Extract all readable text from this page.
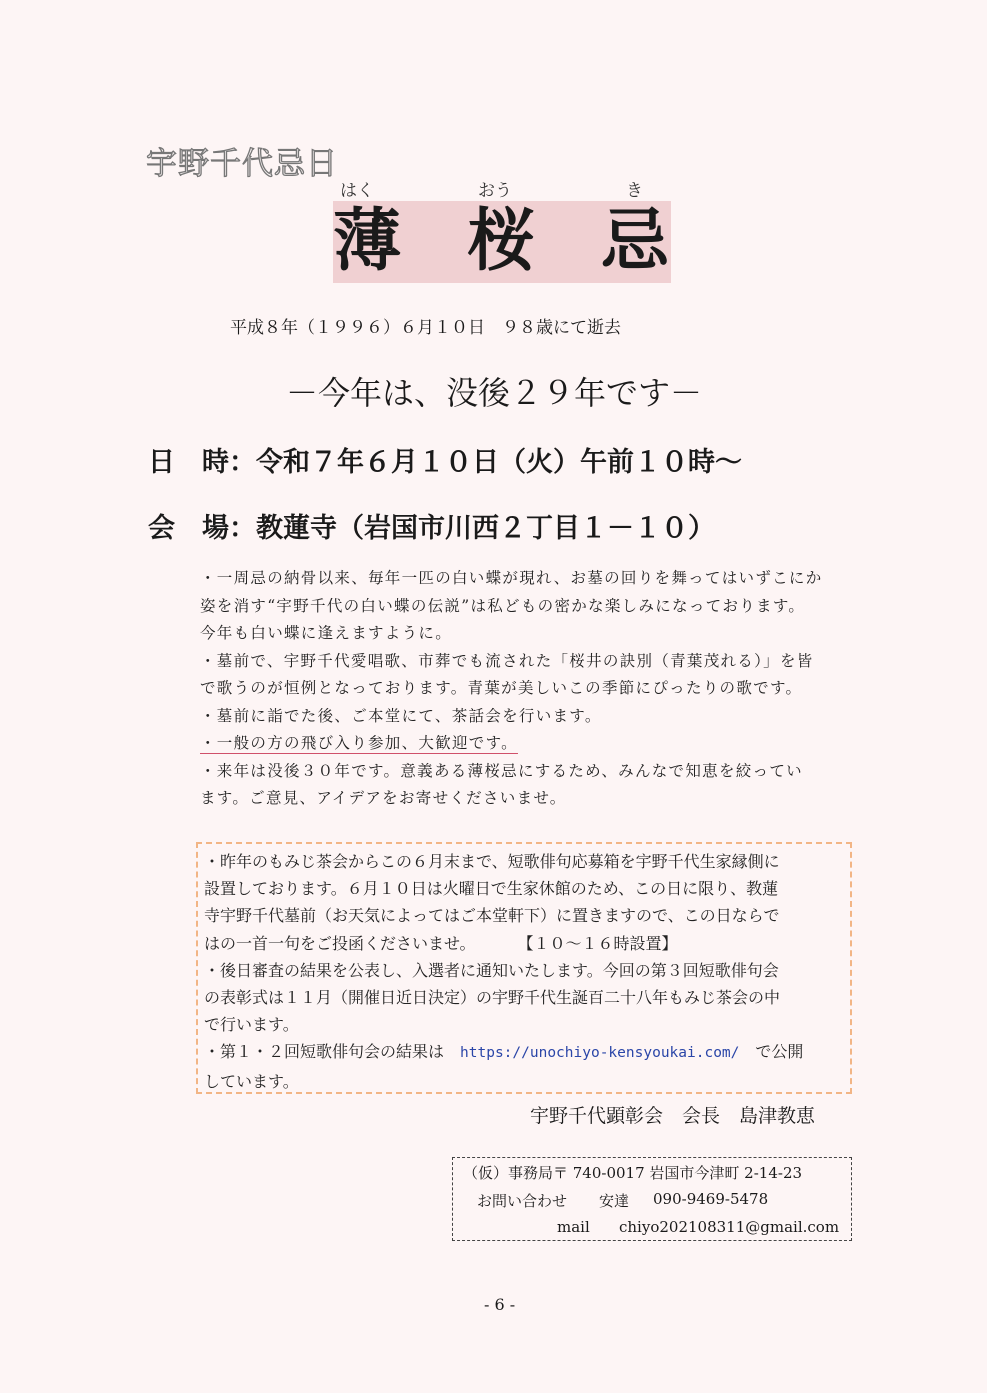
宇野千代忌日
はく	おう	き
薄 桜 忌
平成８年（１９９６）６月１０日　９８歳にて逝去
－今年は、没後２９年です－
日　時：令和７年６月１０日（火）午前１０時～
会　場：教蓮寺（岩国市川西２丁目１－１０）
・一周忌の納骨以来、毎年一匹の白い蝶が現れ、お墓の回りを舞ってはいずこにか
姿を消す“宇野千代の白い蝶の伝説”は私どもの密かな楽しみになっております。
今年も白い蝶に逢えますように。
・墓前で、宇野千代愛唱歌、市葬でも流された「桜井の訣別（青葉茂れる）」を皆
で歌うのが恒例となっております。青葉が美しいこの季節にぴったりの歌です。
・墓前に詣でた後、ご本堂にて、茶話会を行います。
・一般の方の飛び入り参加、大歓迎です。
・来年は没後３０年です。意義ある薄桜忌にするため、みんなで知恵を絞ってい
ます。ご意見、アイデアをお寄せくださいませ。
・昨年のもみじ茶会からこの６月末まで、短歌俳句応募箱を宇野千代生家縁側に
設置しております。６月１０日は火曜日で生家休館のため、この日に限り、教蓮
寺宇野千代墓前（お天気によってはご本堂軒下）に置きますので、この日ならで
はの一首一句をご投函くださいませ。	【１０～１６時設置】
・後日審査の結果を公表し、入選者に通知いたします。今回の第３回短歌俳句会
の表彰式は１１月（開催日近日決定）の宇野千代生誕百二十八年もみじ茶会の中
で行います。
・第１・２回短歌俳句会の結果は　 https://unochiyo-kensyoukai.com/　 で公開
しています。
宇野千代顕彰会　会長　島津教恵
（仮）事務局〒 740-0017 岩国市今津町 2-14-23
お問い合わせ 安達 090-9469-5478
mail chiyo202108311@gmail.com
- 6 -
